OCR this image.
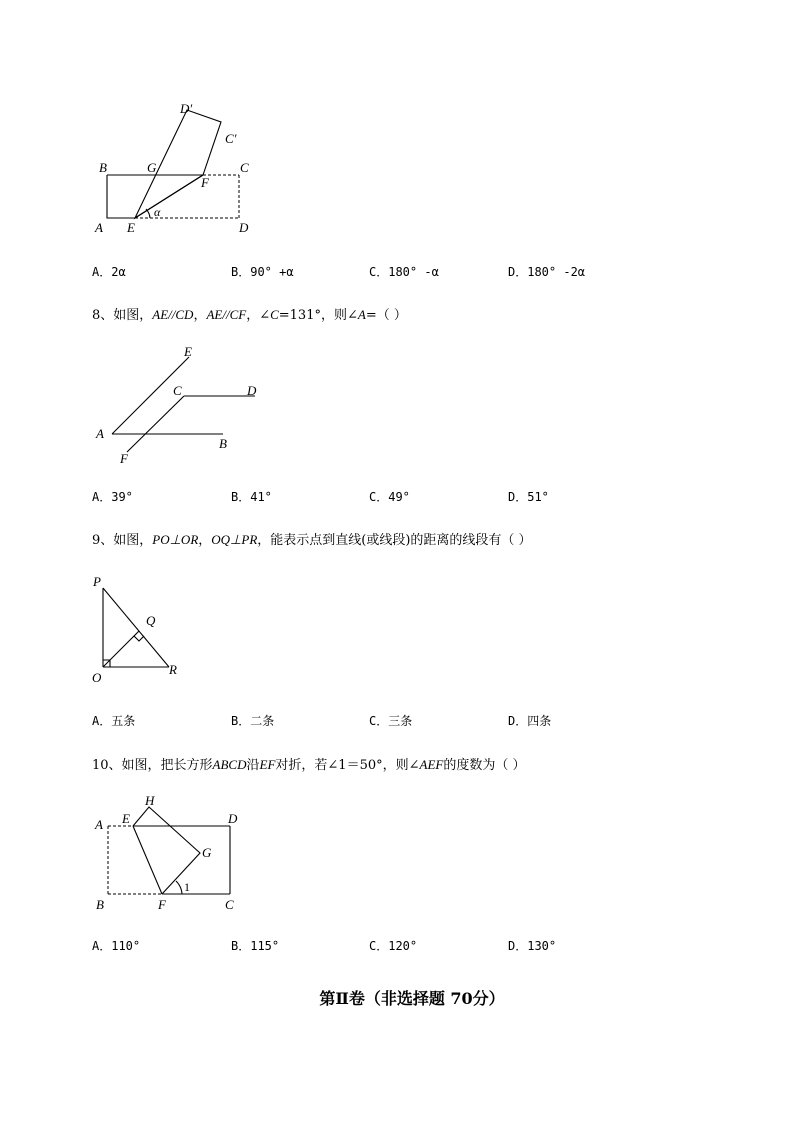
B	G
F
C
C′
D′
A E	D
α
A．2α	B．90° +α	C．180° -α	D．180° -2α
8、如图，AE//CD，AE//CF，∠C=131°，则∠A=（ ）
E
C	D
A
B
F
A．39°	B．41°	C．49°	D．51°
9、如图，PO⊥OR，OQ⊥PR，能表示点到直线(或线段)的距离的线段有（ ）
P
Q
O
R
A．五条	B．二条	C．三条	D．四条
10、如图，把长方形ABCD沿EF对折，若∠1＝50°，则∠AEF的度数为（ ）
H
A E	D
G
1
B	F	C
A．110°	B．115°	C．120°	D．130°
第Ⅱ卷（非选择题 70分）
